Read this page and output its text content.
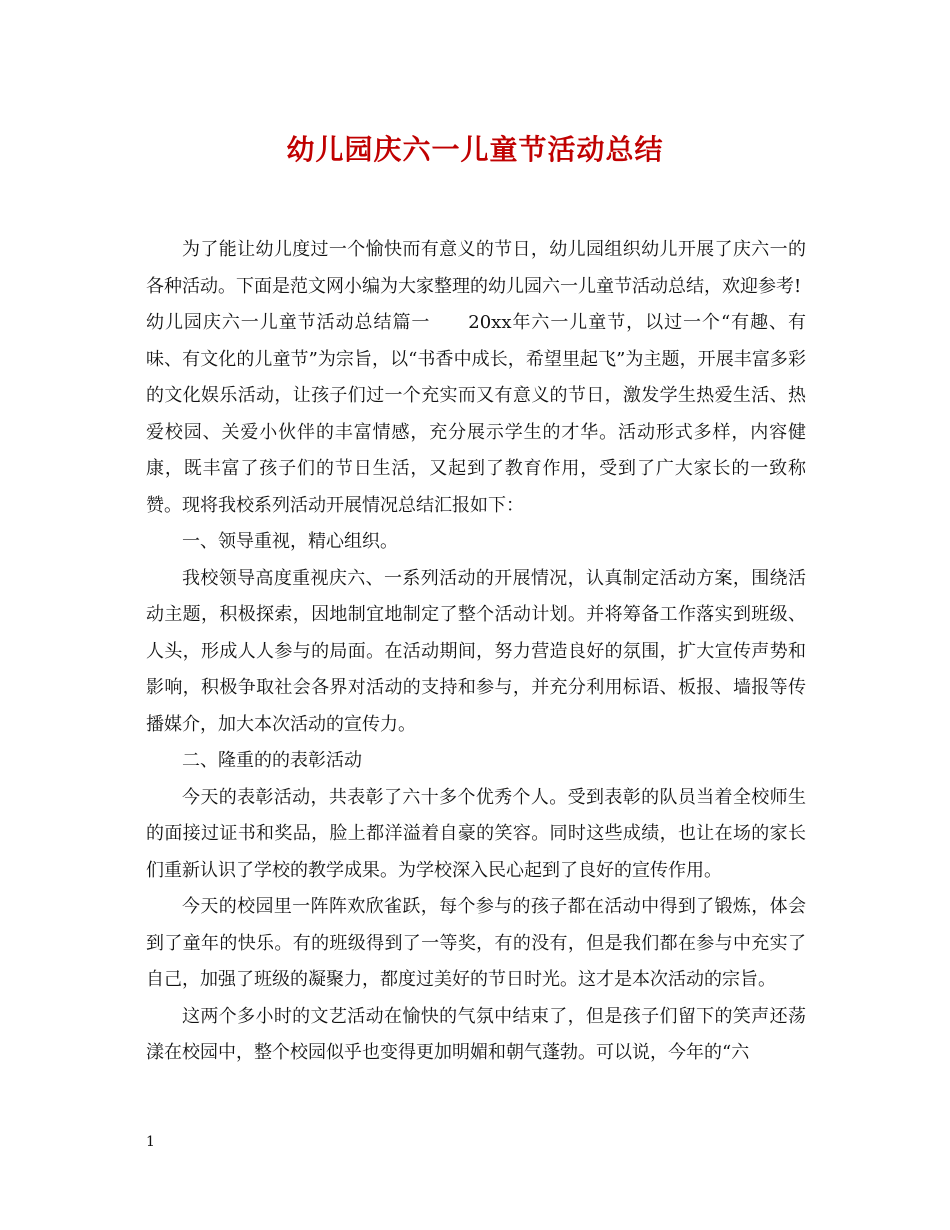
幼儿园庆六一儿童节活动总结

为了能让幼儿度过一个愉快而有意义的节日，幼儿园组织幼儿开展了庆六一的各种活动。下面是范文网小编为大家整理的幼儿园六一儿童节活动总结，欢迎参考!

幼儿园庆六一儿童节活动总结篇一　　20xx年六一儿童节，以过一个“有趣、有味、有文化的儿童节”为宗旨，以“书香中成长，希望里起飞”为主题，开展丰富多彩的文化娱乐活动，让孩子们过一个充实而又有意义的节日，激发学生热爱生活、热爱校园、关爱小伙伴的丰富情感，充分展示学生的才华。活动形式多样，内容健康，既丰富了孩子们的节日生活，又起到了教育作用，受到了广大家长的一致称赞。现将我校系列活动开展情况总结汇报如下：

一、领导重视，精心组织。

我校领导高度重视庆六、一系列活动的开展情况，认真制定活动方案，围绕活动主题，积极探索，因地制宜地制定了整个活动计划。并将筹备工作落实到班级、人头，形成人人参与的局面。在活动期间，努力营造良好的氛围，扩大宣传声势和影响，积极争取社会各界对活动的支持和参与，并充分利用标语、板报、墙报等传播媒介，加大本次活动的宣传力。

二、隆重的的表彰活动

今天的表彰活动，共表彰了六十多个优秀个人。受到表彰的队员当着全校师生的面接过证书和奖品，脸上都洋溢着自豪的笑容。同时这些成绩，也让在场的家长们重新认识了学校的教学成果。为学校深入民心起到了良好的宣传作用。

今天的校园里一阵阵欢欣雀跃，每个参与的孩子都在活动中得到了锻炼，体会到了童年的快乐。有的班级得到了一等奖，有的没有，但是我们都在参与中充实了自己，加强了班级的凝聚力，都度过美好的节日时光。这才是本次活动的宗旨。

这两个多小时的文艺活动在愉快的气氛中结束了，但是孩子们留下的笑声还荡漾在校园中，整个校园似乎也变得更加明媚和朝气蓬勃。可以说，今年的“六

1
